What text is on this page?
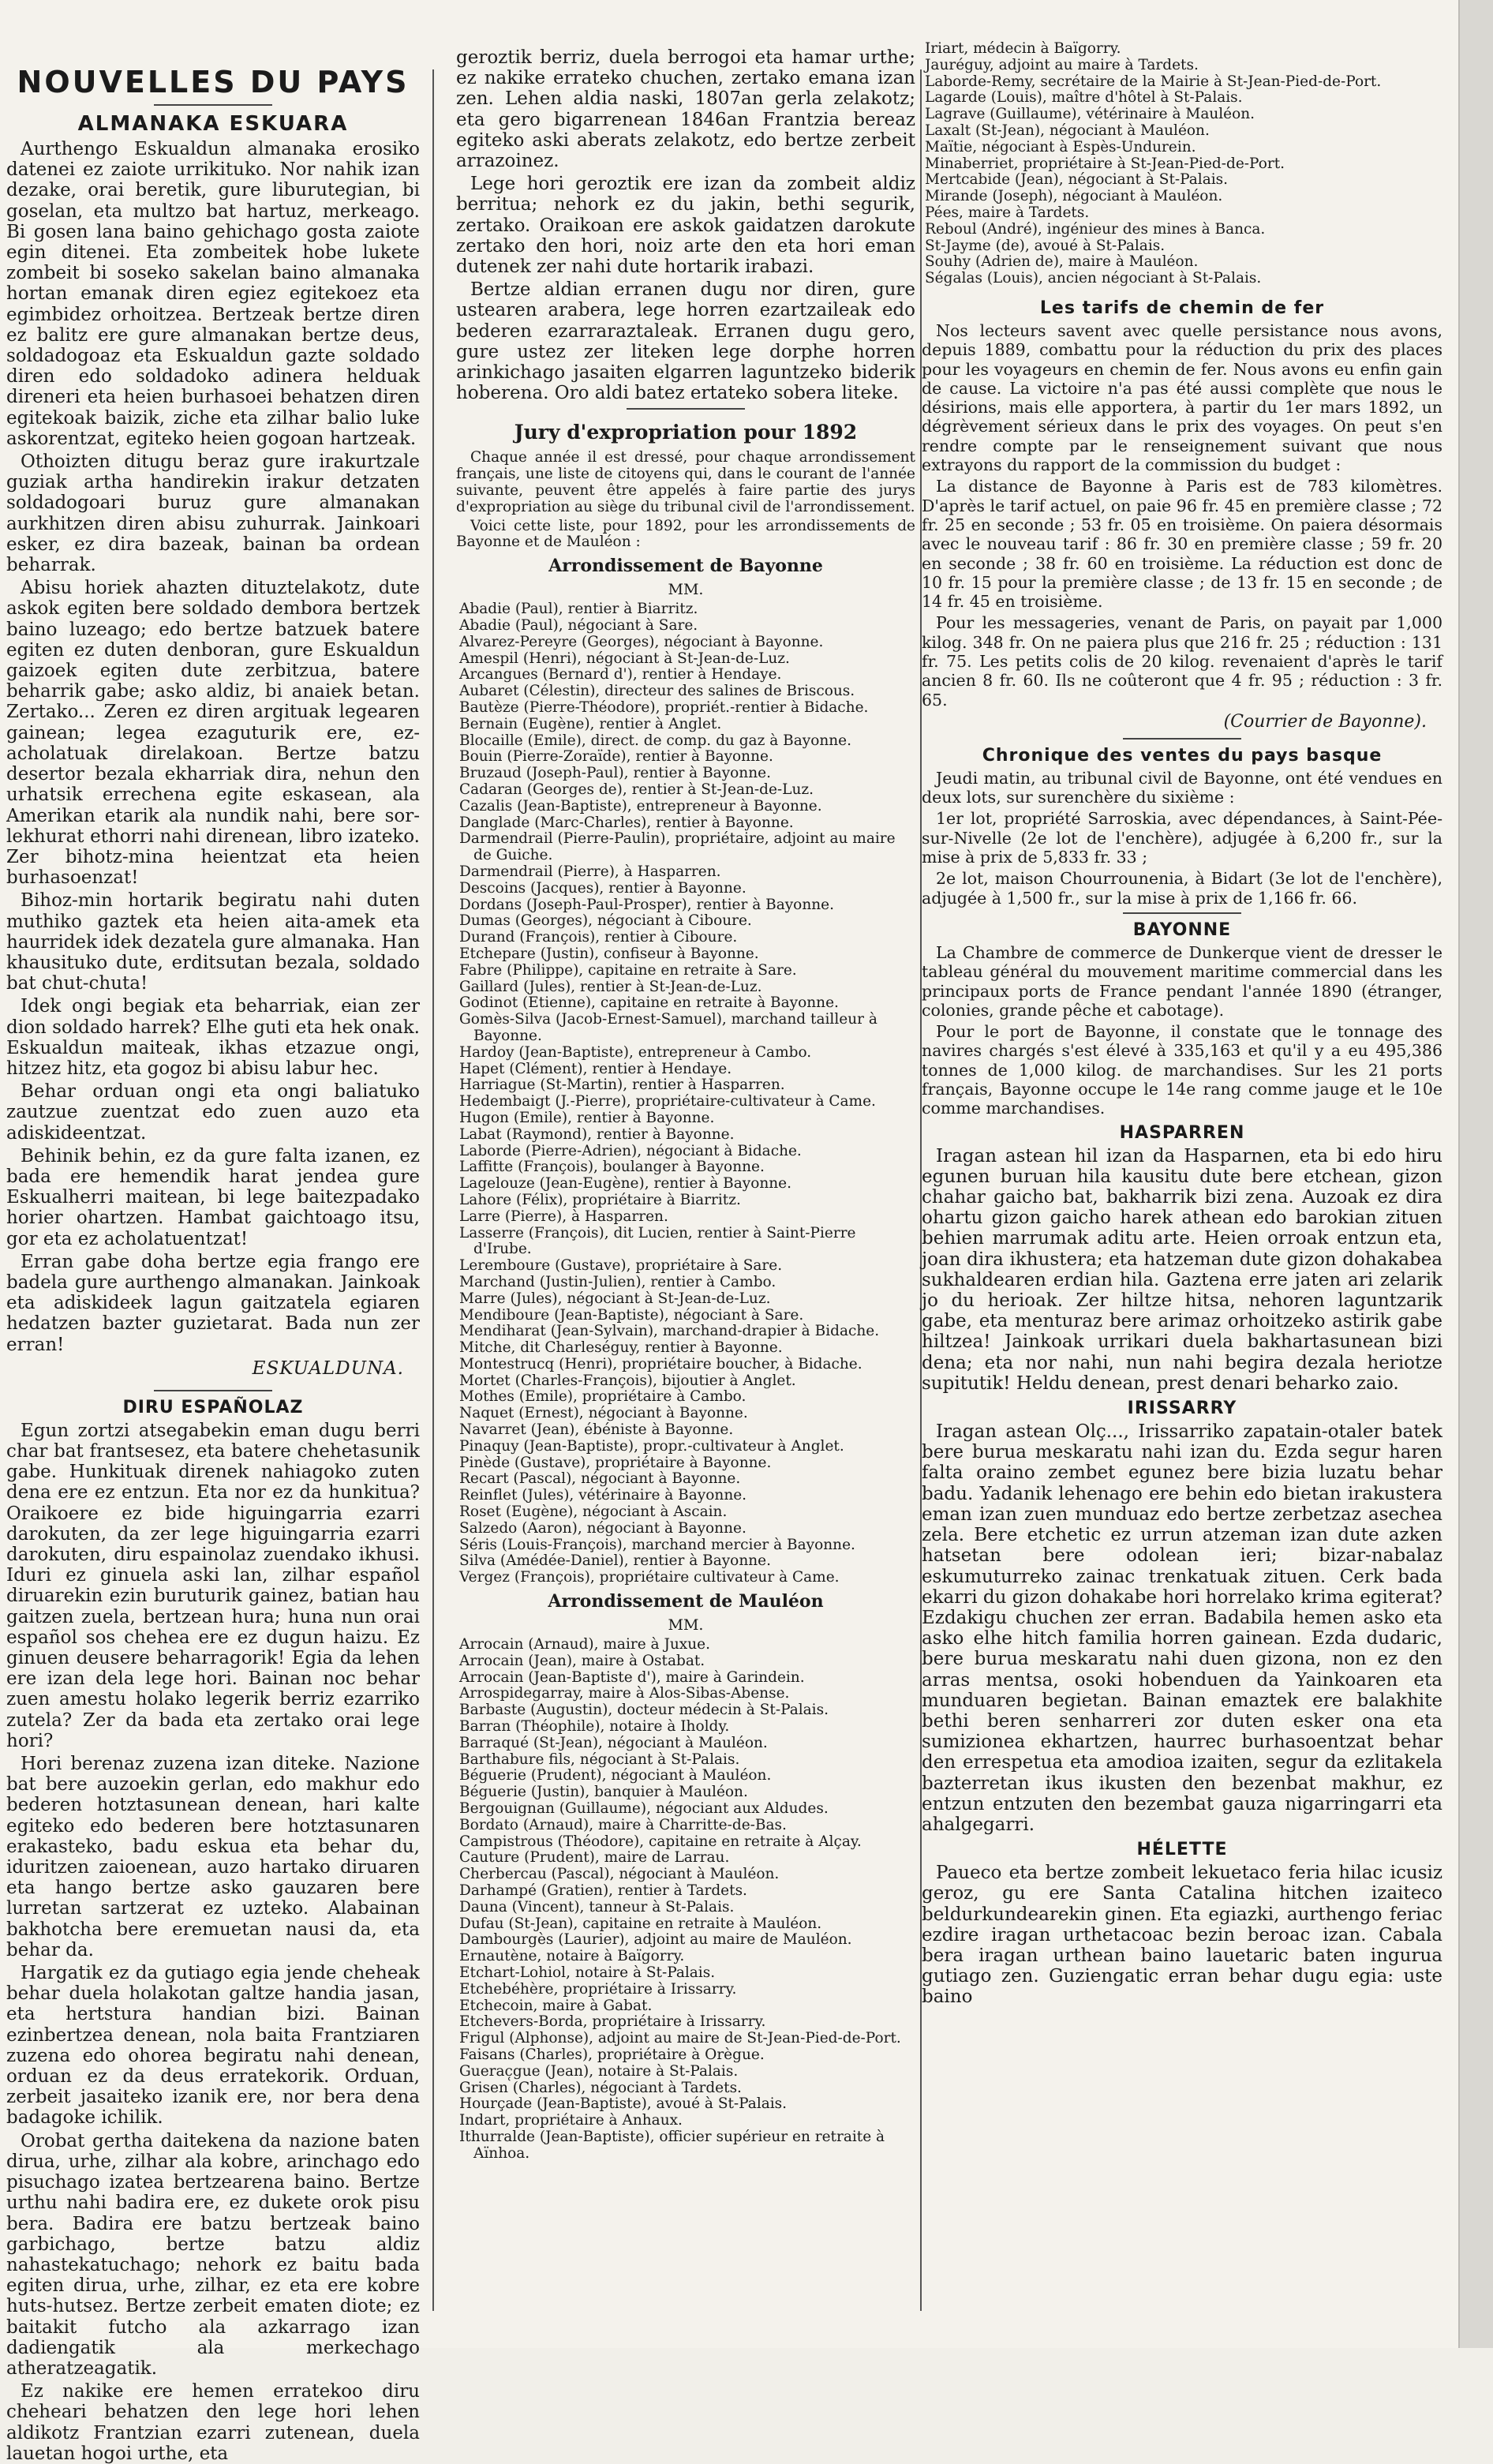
NOUVELLES DU PAYS
ALMANAKA ESKUARA

Aurthengo Eskualdun almanaka erosiko datenei ez zaiote urrikituko. Nor nahik izan dezake, orai beretik, gure liburutegian, bi goselan, eta multzo bat hartuz, merkeago. Bi gosen lana baino gehichago gosta zaiote egin ditenei. Eta zombeitek hobe lukete zombeit bi soseko sakelan baino almanaka hortan emanak diren egiez egitekoez eta egimbidez orhoitzea. Bertzeak bertze diren ez balitz ere gure almanakan bertze deus, soldadogoaz eta Eskualdun gazte soldado diren edo soldadoko adinera helduak direneri eta heien burhasoei behatzen diren egitekoak baizik, ziche eta zilhar balio luke askorentzat, egiteko heien gogoan hartzeak.

Othoizten ditugu beraz gure irakurtzale guziak artha handirekin irakur detzaten soldadogoari buruz gure almanakan aurkhitzen diren abisu zuhurrak. Jainkoari esker, ez dira bazeak, bainan ba ordean beharrak.

Abisu horiek ahazten dituztelakotz, dute askok egiten bere soldado dembora bertzek baino luzeago; edo bertze batzuek batere egiten ez duten denboran, gure Eskualdun gaizoek egiten dute zerbitzua, batere beharrik gabe; asko aldiz, bi anaiek betan. Zertako... Zeren ez diren argituak legearen gainean; legea ezaguturik ere, ez-acholatuak direlakoan. Bertze batzu desertor bezala ekharriak dira, nehun den urhatsik errechena egite eskasean, ala Amerikan etarik ala nundik nahi, bere sor-lekhurat ethorri nahi direnean, libro izateko. Zer bihotz-mina heientzat eta heien burhasoenzat!

Bihoz-min hortarik begiratu nahi duten muthiko gaztek eta heien aita-amek eta haurridek idek dezatela gure almanaka. Han khausituko dute, erditsutan bezala, soldado bat chut-chuta!

Idek ongi begiak eta beharriak, eian zer dion soldado harrek? Elhe guti eta hek onak. Eskualdun maiteak, ikhas etzazue ongi, hitzez hitz, eta gogoz bi abisu labur hec.

Behar orduan ongi eta ongi baliatuko zautzue zuentzat edo zuen auzo eta adiskideentzat.

Behinik behin, ez da gure falta izanen, ez bada ere hemendik harat jendea gure Eskualherri maitean, bi lege baitezpadako horier ohartzen. Hambat gaichtoago itsu, gor eta ez acholatuentzat!

Erran gabe doha bertze egia frango ere badela gure aurthengo almanakan. Jainkoak eta adiskideek lagun gaitzatela egiaren hedatzen bazter guzietarat. Bada nun zer erran!

ESKUALDUNA.
DIRU ESPAÑOLAZ

Egun zortzi atsegabekin eman dugu berri char bat frantsesez, eta batere chehetasunik gabe. Hunkituak direnek nahiagoko zuten dena ere ez entzun. Eta nor ez da hunkitua? Oraikoere ez bide higuingarria ezarri darokuten, da zer lege higuingarria ezarri darokuten, diru espainolaz zuendako ikhusi. Iduri ez ginuela aski lan, zilhar español diruarekin ezin buruturik gainez, batian hau gaitzen zuela, bertzean hura; huna nun orai español sos chehea ere ez dugun haizu. Ez ginuen deusere beharragorik! Egia da lehen ere izan dela lege hori. Bainan noc behar zuen amestu holako legerik berriz ezarriko zutela? Zer da bada eta zertako orai lege hori?

Hori berenaz zuzena izan diteke. Nazione bat bere auzoekin gerlan, edo makhur edo bederen hotztasunean denean, hari kalte egiteko edo bederen bere hotztasunaren erakasteko, badu eskua eta behar du, iduritzen zaioenean, auzo hartako diruaren eta hango bertze asko gauzaren bere lurretan sartzerat ez uzteko. Alabainan bakhotcha bere eremuetan nausi da, eta behar da.

Hargatik ez da gutiago egia jende cheheak behar duela holakotan galtze handia jasan, eta hertstura handian bizi. Bainan ezinbertzea denean, nola baita Frantziaren zuzena edo ohorea begiratu nahi denean, orduan ez da deus erratekorik. Orduan, zerbeit jasaiteko izanik ere, nor bera dena badagoke ichilik.

Orobat gertha daitekena da nazione baten dirua, urhe, zilhar ala kobre, arinchago edo pisuchago izatea bertzearena baino. Bertze urthu nahi badira ere, ez dukete orok pisu bera. Badira ere batzu bertzeak baino garbichago, bertze batzu aldiz nahastekatuchago; nehork ez baitu bada egiten dirua, urhe, zilhar, ez eta ere kobre huts-hutsez. Bertze zerbeit ematen diote; ez baitakit futcho ala azkarrago izan dadiengatik ala merkechago atheratzeagatik.

Ez nakike ere hemen erratekoo diru cheheari behatzen den lege hori lehen aldikotz Frantzian ezarri zutenean, duela lauetan hogoi urthe, eta

geroztik berriz, duela berrogoi eta hamar urthe; ez nakike errateko chuchen, zertako emana izan zen. Lehen aldia naski, 1807an gerla zelakotz; eta gero bigarrenean 1846an Frantzia bereaz egiteko aski aberats zelakotz, edo bertze zerbeit arrazoinez.

Lege hori geroztik ere izan da zombeit aldiz berritua; nehork ez du jakin, bethi segurik, zertako. Oraikoan ere askok gaidatzen darokute zertako den hori, noiz arte den eta hori eman dutenek zer nahi dute hortarik irabazi.

Bertze aldian erranen dugu nor diren, gure ustearen arabera, lege horren ezartzaileak edo bederen ezarraraztaleak. Erranen dugu gero, gure ustez zer liteken lege dorphe horren arinkichago jasaiten elgarren laguntzeko biderik hoberena. Oro aldi batez ertateko sobera liteke.

Jury d'expropriation pour 1892

Chaque année il est dressé, pour chaque arrondissement français, une liste de citoyens qui, dans le courant de l'année suivante, peuvent être appelés à faire partie des jurys d'expropriation au siège du tribunal civil de l'arrondissement.

Voici cette liste, pour 1892, pour les arrondissements de Bayonne et de Mauléon :

Arrondissement de Bayonne
MM.
Abadie (Paul), rentier à Biarritz.
Abadie (Paul), négociant à Sare.
Alvarez-Pereyre (Georges), négociant à Bayonne.
Amespil (Henri), négociant à St-Jean-de-Luz.
Arcangues (Bernard d'), rentier à Hendaye.
Aubaret (Célestin), directeur des salines de Briscous.
Bautèze (Pierre-Théodore), propriét.-rentier à Bidache.
Bernain (Eugène), rentier à Anglet.
Blocaille (Emile), direct. de comp. du gaz à Bayonne.
Bouin (Pierre-Zoraïde), rentier à Bayonne.
Bruzaud (Joseph-Paul), rentier à Bayonne.
Cadaran (Georges de), rentier à St-Jean-de-Luz.
Cazalis (Jean-Baptiste), entrepreneur à Bayonne.
Danglade (Marc-Charles), rentier à Bayonne.
Darmendrail (Pierre-Paulin), propriétaire, adjoint au maire de Guiche.
Darmendrail (Pierre), à Hasparren.
Descoins (Jacques), rentier à Bayonne.
Dordans (Joseph-Paul-Prosper), rentier à Bayonne.
Dumas (Georges), négociant à Ciboure.
Durand (François), rentier à Ciboure.
Etchepare (Justin), confiseur à Bayonne.
Fabre (Philippe), capitaine en retraite à Sare.
Gaillard (Jules), rentier à St-Jean-de-Luz.
Godinot (Etienne), capitaine en retraite à Bayonne.
Gomès-Silva (Jacob-Ernest-Samuel), marchand tailleur à Bayonne.
Hardoy (Jean-Baptiste), entrepreneur à Cambo.
Hapet (Clément), rentier à Hendaye.
Harriague (St-Martin), rentier à Hasparren.
Hedembaigt (J.-Pierre), propriétaire-cultivateur à Came.
Hugon (Emile), rentier à Bayonne.
Labat (Raymond), rentier à Bayonne.
Laborde (Pierre-Adrien), négociant à Bidache.
Laffitte (François), boulanger à Bayonne.
Lagelouze (Jean-Eugène), rentier à Bayonne.
Lahore (Félix), propriétaire à Biarritz.
Larre (Pierre), à Hasparren.
Lasserre (François), dit Lucien, rentier à Saint-Pierre d'Irube.
Leremboure (Gustave), propriétaire à Sare.
Marchand (Justin-Julien), rentier à Cambo.
Marre (Jules), négociant à St-Jean-de-Luz.
Mendiboure (Jean-Baptiste), négociant à Sare.
Mendiharat (Jean-Sylvain), marchand-drapier à Bidache.
Mitche, dit Charleséguy, rentier à Bayonne.
Montestrucq (Henri), propriétaire boucher, à Bidache.
Mortet (Charles-François), bijoutier à Anglet.
Mothes (Emile), propriétaire à Cambo.
Naquet (Ernest), négociant à Bayonne.
Navarret (Jean), ébéniste à Bayonne.
Pinaquy (Jean-Baptiste), propr.-cultivateur à Anglet.
Pinède (Gustave), propriétaire à Bayonne.
Recart (Pascal), négociant à Bayonne.
Reinflet (Jules), vétérinaire à Bayonne.
Roset (Eugène), négociant à Ascain.
Salzedo (Aaron), négociant à Bayonne.
Séris (Louis-François), marchand mercier à Bayonne.
Silva (Amédée-Daniel), rentier à Bayonne.
Vergez (François), propriétaire cultivateur à Came.
Arrondissement de Mauléon
MM.
Arrocain (Arnaud), maire à Juxue.
Arrocain (Jean), maire à Ostabat.
Arrocain (Jean-Baptiste d'), maire à Garindein.
Arrospidegarray, maire à Alos-Sibas-Abense.
Barbaste (Augustin), docteur médecin à St-Palais.
Barran (Théophile), notaire à Iholdy.
Barraqué (St-Jean), négociant à Mauléon.
Barthabure fils, négociant à St-Palais.
Béguerie (Prudent), négociant à Mauléon.
Béguerie (Justin), banquier à Mauléon.
Bergouignan (Guillaume), négociant aux Aldudes.
Bordato (Arnaud), maire à Charritte-de-Bas.
Campistrous (Théodore), capitaine en retraite à Alçay.
Cauture (Prudent), maire de Larrau.
Cherbercau (Pascal), négociant à Mauléon.
Darhampé (Gratien), rentier à Tardets.
Dauna (Vincent), tanneur à St-Palais.
Dufau (St-Jean), capitaine en retraite à Mauléon.
Dambourgès (Laurier), adjoint au maire de Mauléon.
Ernautène, notaire à Baïgorry.
Etchart-Lohiol, notaire à St-Palais.
Etchebéhère, propriétaire à Irissarry.
Etchecoin, maire à Gabat.
Etchevers-Borda, propriétaire à Irissarry.
Frigul (Alphonse), adjoint au maire de St-Jean-Pied-de-Port.
Faisans (Charles), propriétaire à Orègue.
Guerac̜gue (Jean), notaire à St-Palais.
Grisen (Charles), négociant à Tardets.
Hourçade (Jean-Baptiste), avoué à St-Palais.
Indart, propriétaire à Anhaux.
Ithurralde (Jean-Baptiste), officier supérieur en retraite à Aïnhoa.
Iriart, médecin à Baïgorry.
Jauréguy, adjoint au maire à Tardets.
Laborde-Remy, secrétaire de la Mairie à St-Jean-Pied-de-Port.
Lagarde (Louis), maître d'hôtel à St-Palais.
Lagrave (Guillaume), vétérinaire à Mauléon.
Laxalt (St-Jean), négociant à Mauléon.
Maïtie, négociant à Espès-Undurein.
Minaberriet, propriétaire à St-Jean-Pied-de-Port.
Mertcabide (Jean), négociant à St-Palais.
Mirande (Joseph), négociant à Mauléon.
Pées, maire à Tardets.
Reboul (André), ingénieur des mines à Banca.
St-Jayme (de), avoué à St-Palais.
Souhy (Adrien de), maire à Mauléon.
Ségalas (Louis), ancien négociant à St-Palais.
Les tarifs de chemin de fer

Nos lecteurs savent avec quelle persistance nous avons, depuis 1889, combattu pour la réduction du prix des places pour les voyageurs en chemin de fer. Nous avons eu enfin gain de cause. La victoire n'a pas été aussi complète que nous le désirions, mais elle apportera, à partir du 1er mars 1892, un dégrèvement sérieux dans le prix des voyages. On peut s'en rendre compte par le renseignement suivant que nous extrayons du rapport de la commission du budget :

La distance de Bayonne à Paris est de 783 kilomètres. D'après le tarif actuel, on paie 96 fr. 45 en première classe ; 72 fr. 25 en seconde ; 53 fr. 05 en troisième. On paiera désormais avec le nouveau tarif : 86 fr. 30 en première classe ; 59 fr. 20 en seconde ; 38 fr. 60 en troisième. La réduction est donc de 10 fr. 15 pour la première classe ; de 13 fr. 15 en seconde ; de 14 fr. 45 en troisième.

Pour les messageries, venant de Paris, on payait par 1,000 kilog. 348 fr. On ne paiera plus que 216 fr. 25 ; réduction : 131 fr. 75. Les petits colis de 20 kilog. revenaient d'après le tarif ancien 8 fr. 60. Ils ne coûteront que 4 fr. 95 ; réduction : 3 fr. 65.

(Courrier de Bayonne).
Chronique des ventes du pays basque

Jeudi matin, au tribunal civil de Bayonne, ont été vendues en deux lots, sur surenchère du sixième :

1er lot, propriété Sarroskia, avec dépendances, à Saint-Pée-sur-Nivelle (2e lot de l'enchère), adjugée à 6,200 fr., sur la mise à prix de 5,833 fr. 33 ;

2e lot, maison Chourrounenia, à Bidart (3e lot de l'enchère), adjugée à 1,500 fr., sur la mise à prix de 1,166 fr. 66.

BAYONNE

La Chambre de commerce de Dunkerque vient de dresser le tableau général du mouvement maritime commercial dans les principaux ports de France pendant l'année 1890 (étranger, colonies, grande pêche et cabotage).

Pour le port de Bayonne, il constate que le tonnage des navires chargés s'est élevé à 335,163 et qu'il y a eu 495,386 tonnes de 1,000 kilog. de marchandises. Sur les 21 ports français, Bayonne occupe le 14e rang comme jauge et le 10e comme marchandises.

HASPARREN

Iragan astean hil izan da Hasparnen, eta bi edo hiru egunen buruan hila kausitu dute bere etchean, gizon chahar gaicho bat, bakharrik bizi zena. Auzoak ez dira ohartu gizon gaicho harek athean edo barokian zituen behien marrumak aditu arte. Heien orroak entzun eta, joan dira ikhustera; eta hatzeman dute gizon dohakabea sukhaldearen erdian hila. Gaztena erre jaten ari zelarik jo du herioak. Zer hiltze hitsa, nehoren laguntzarik gabe, eta menturaz bere arimaz orhoitzeko astirik gabe hiltzea! Jainkoak urrikari duela bakhartasunean bizi dena; eta nor nahi, nun nahi begira dezala heriotze supitutik! Heldu denean, prest denari beharko zaio.

IRISSARRY

Iragan astean Olç..., Irissarriko zapatain-otaler batek bere burua meskaratu nahi izan du. Ezda segur haren falta oraino zembet egunez bere bizia luzatu behar badu. Yadanik lehenago ere behin edo bietan irakustera eman izan zuen munduaz edo bertze zerbetzaz asechea zela. Bere etchetic ez urrun atzeman izan dute azken hatsetan bere odolean ieri; bizar-nabalaz eskumuturreko zainac trenkatuak zituen. Cerk bada ekarri du gizon dohakabe hori horrelako krima egiterat? Ezdakigu chuchen zer erran. Badabila hemen asko eta asko elhe hitch familia horren gainean. Ezda dudaric, bere burua meskaratu nahi duen gizona, non ez den arras mentsa, osoki hobenduen da Yainkoaren eta munduaren begietan. Bainan emaztek ere balakhite bethi beren senharreri zor duten esker ona eta sumizionea ekhartzen, haurrec burhasoentzat behar den errespetua eta amodioa izaiten, segur da ezlitakela bazterretan ikus ikusten den bezenbat makhur, ez entzun entzuten den bezembat gauza nigarringarri eta ahalgegarri.

HÉLETTE

Paueco eta bertze zombeit lekuetaco feria hilac icusiz geroz, gu ere Santa Catalina hitchen izaiteco beldurkundearekin ginen. Eta egiazki, aurthengo feriac ezdire iragan urthetacoac bezin beroac izan. Cabala bera iragan urthean baino lauetaric baten ingurua gutiago zen. Guziengatic erran behar dugu egia: uste baino
